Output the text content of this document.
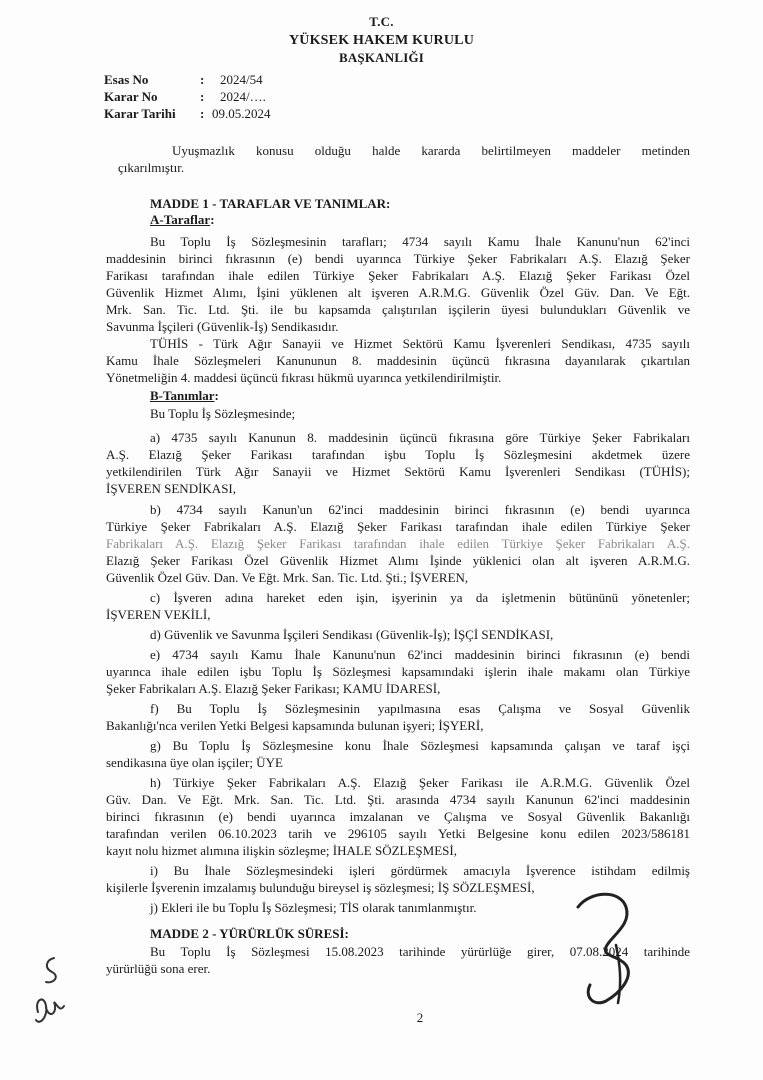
T.C.
YÜKSEK HAKEM KURULU
BAŞKANLIĞI
Esas No	: 2024/54
Karar No	: 2024/….
Karar Tarihi : 09.05.2024
Uyuşmazlık konusu olduğu halde kararda belirtilmeyen maddeler metinden
çıkarılmıştır.
MADDE 1 - TARAFLAR VE TANIMLAR:
A-Taraflar:
Bu Toplu İş Sözleşmesinin tarafları; 4734 sayılı Kamu İhale Kanunu'nun 62'inci
maddesinin birinci fıkrasının (e) bendi uyarınca Türkiye Şeker Fabrikaları A.Ş. Elazığ Şeker
Farikası tarafından ihale edilen Türkiye Şeker Fabrikaları A.Ş. Elazığ Şeker Farikası Özel
Güvenlik Hizmet Alımı, İşini yüklenen alt işveren A.R.M.G. Güvenlik Özel Güv. Dan. Ve Eğt.
Mrk. San. Tic. Ltd. Şti. ile bu kapsamda çalıştırılan işçilerin üyesi bulundukları Güvenlik ve
Savunma İşçileri (Güvenlik-İş) Sendikasıdır.
TÜHİS - Türk Ağır Sanayii ve Hizmet Sektörü Kamu İşverenleri Sendikası, 4735 sayılı
Kamu İhale Sözleşmeleri Kanununun 8. maddesinin üçüncü fıkrasına dayanılarak çıkartılan
Yönetmeliğin 4. maddesi üçüncü fıkrası hükmü uyarınca yetkilendirilmiştir.
B-Tanımlar:
Bu Toplu İş Sözleşmesinde;
a) 4735 sayılı Kanunun 8. maddesinin üçüncü fıkrasına göre Türkiye Şeker Fabrikaları
A.Ş. Elazığ Şeker Farikası tarafından işbu Toplu İş Sözleşmesini akdetmek üzere
yetkilendirilen Türk Ağır Sanayii ve Hizmet Sektörü Kamu İşverenleri Sendikası (TÜHİS);
İŞVEREN SENDİKASI,
b) 4734 sayılı Kanun'un 62'inci maddesinin birinci fıkrasının (e) bendi uyarınca
Türkiye Şeker Fabrikaları A.Ş. Elazığ Şeker Farikası tarafından ihale edilen Türkiye Şeker
Fabrikaları A.Ş. Elazığ Şeker Farikası tarafından ihale edilen Türkiye Şeker Fabrikaları A.Ş.
Elazığ Şeker Farikası Özel Güvenlik Hizmet Alımı İşinde yüklenici olan alt işveren A.R.M.G.
Güvenlik Özel Güv. Dan. Ve Eğt. Mrk. San. Tic. Ltd. Şti.; İŞVEREN,
c) İşveren adına hareket eden işin, işyerinin ya da işletmenin bütününü yönetenler;
İŞVEREN VEKİLİ,
d) Güvenlik ve Savunma İşçileri Sendikası (Güvenlik-İş); İŞÇİ SENDİKASI,
e) 4734 sayılı Kamu İhale Kanunu'nun 62'inci maddesinin birinci fıkrasının (e) bendi
uyarınca ihale edilen işbu Toplu İş Sözleşmesi kapsamındaki işlerin ihale makamı olan Türkiye
Şeker Fabrikaları A.Ş. Elazığ Şeker Farikası; KAMU İDARESİ,
f) Bu Toplu İş Sözleşmesinin yapılmasına esas Çalışma ve Sosyal Güvenlik
Bakanlığı'nca verilen Yetki Belgesi kapsamında bulunan işyeri; İŞYERİ,
g) Bu Toplu İş Sözleşmesine konu İhale Sözleşmesi kapsamında çalışan ve taraf işçi
sendikasına üye olan işçiler; ÜYE
h) Türkiye Şeker Fabrikaları A.Ş. Elazığ Şeker Farikası ile A.R.M.G. Güvenlik Özel
Güv. Dan. Ve Eğt. Mrk. San. Tic. Ltd. Şti. arasında 4734 sayılı Kanunun 62'inci maddesinin
birinci fıkrasının (e) bendi uyarınca imzalanan ve Çalışma ve Sosyal Güvenlik Bakanlığı
tarafından verilen 06.10.2023 tarih ve 296105 sayılı Yetki Belgesine konu edilen 2023/586181
kayıt nolu hizmet alımına ilişkin sözleşme; İHALE SÖZLEŞMESİ,
i) Bu İhale Sözleşmesindeki işleri gördürmek amacıyla İşverence istihdam edilmiş
kişilerle İşverenin imzalamış bulunduğu bireysel iş sözleşmesi; İŞ SÖZLEŞMESİ,
j) Ekleri ile bu Toplu İş Sözleşmesi; TİS olarak tanımlanmıştır.
MADDE 2 - YÜRÜRLÜK SÜRESİ:
Bu Toplu İş Sözleşmesi 15.08.2023 tarihinde yürürlüğe girer, 07.08.2024 tarihinde
yürürlüğü sona erer.
2
